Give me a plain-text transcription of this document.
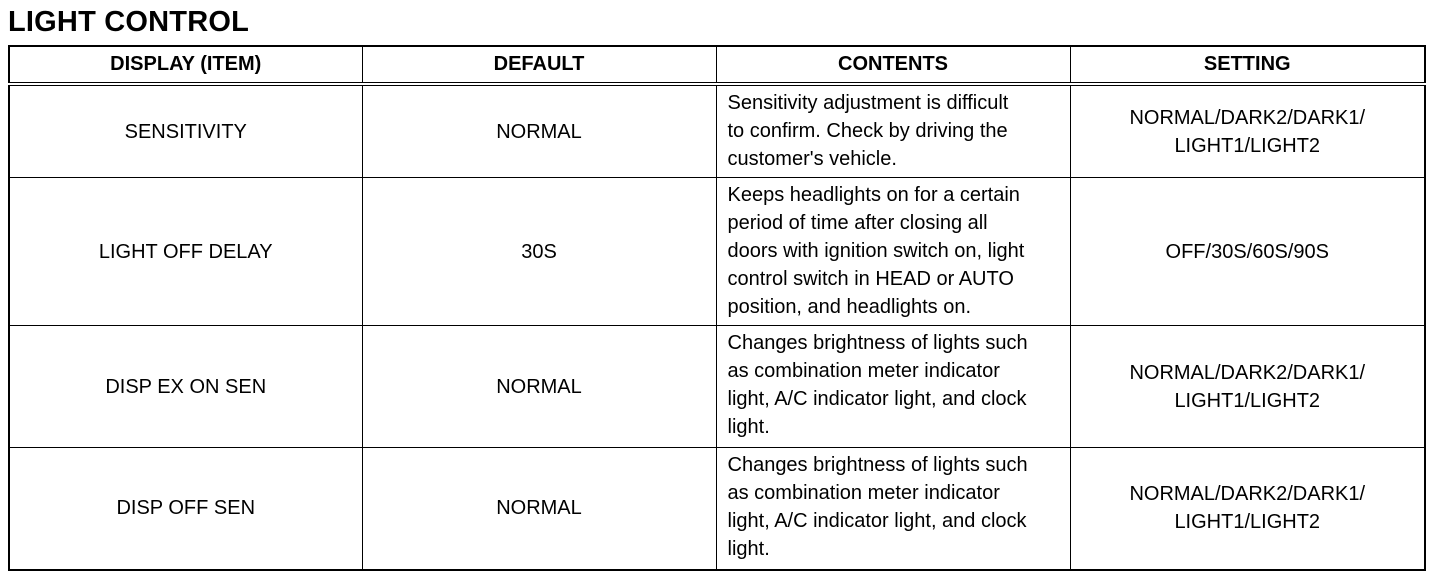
LIGHT CONTROL
DISPLAY (ITEM)	DEFAULT	CONTENTS	SETTING
SENSITIVITY	NORMAL	Sensitivity adjustment is difficult
to confirm. Check by driving the
customer's vehicle.	NORMAL/DARK2/DARK1/
LIGHT1/LIGHT2
LIGHT OFF DELAY	30S	Keeps headlights on for a certain
period of time after closing all
doors with ignition switch on, light
control switch in HEAD or AUTO
position, and headlights on.	OFF/30S/60S/90S
DISP EX ON SEN	NORMAL	Changes brightness of lights such
as combination meter indicator
light, A/C indicator light, and clock
light.	NORMAL/DARK2/DARK1/
LIGHT1/LIGHT2
DISP OFF SEN	NORMAL	Changes brightness of lights such
as combination meter indicator
light, A/C indicator light, and clock
light.	NORMAL/DARK2/DARK1/
LIGHT1/LIGHT2
